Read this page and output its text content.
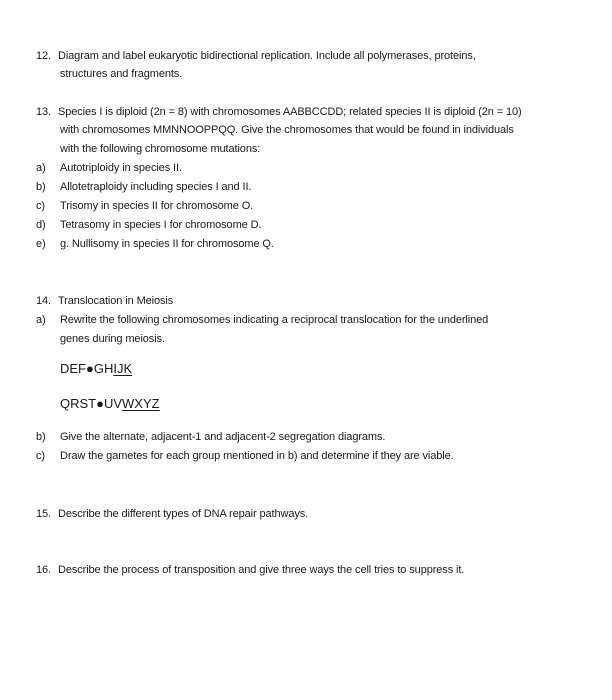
12. Diagram and label eukaryotic bidirectional replication. Include all polymerases, proteins,
structures and fragments.
13. Species I is diploid (2n = 8) with chromosomes AABBCCDD; related species II is diploid (2n = 10)
with chromosomes MMNNOOPPQQ. Give the chromosomes that would be found in individuals
with the following chromosome mutations:
a) Autotriploidy in species II.
b) Allotetraploidy including species I and II.
c) Trisomy in species II for chromosome O.
d) Tetrasomy in species I for chromosome D.
e) g. Nullisomy in species II for chromosome Q.
14. Translocation in Meiosis
a) Rewrite the following chromosomes indicating a reciprocal translocation for the underlined
genes during meiosis.
DEF●GHIJK
QRST●UVWXYZ
b) Give the alternate, adjacent-1 and adjacent-2 segregation diagrams.
c) Draw the gametes for each group mentioned in b) and determine if they are viable.
15. Describe the different types of DNA repair pathways.
16. Describe the process of transposition and give three ways the cell tries to suppress it.
